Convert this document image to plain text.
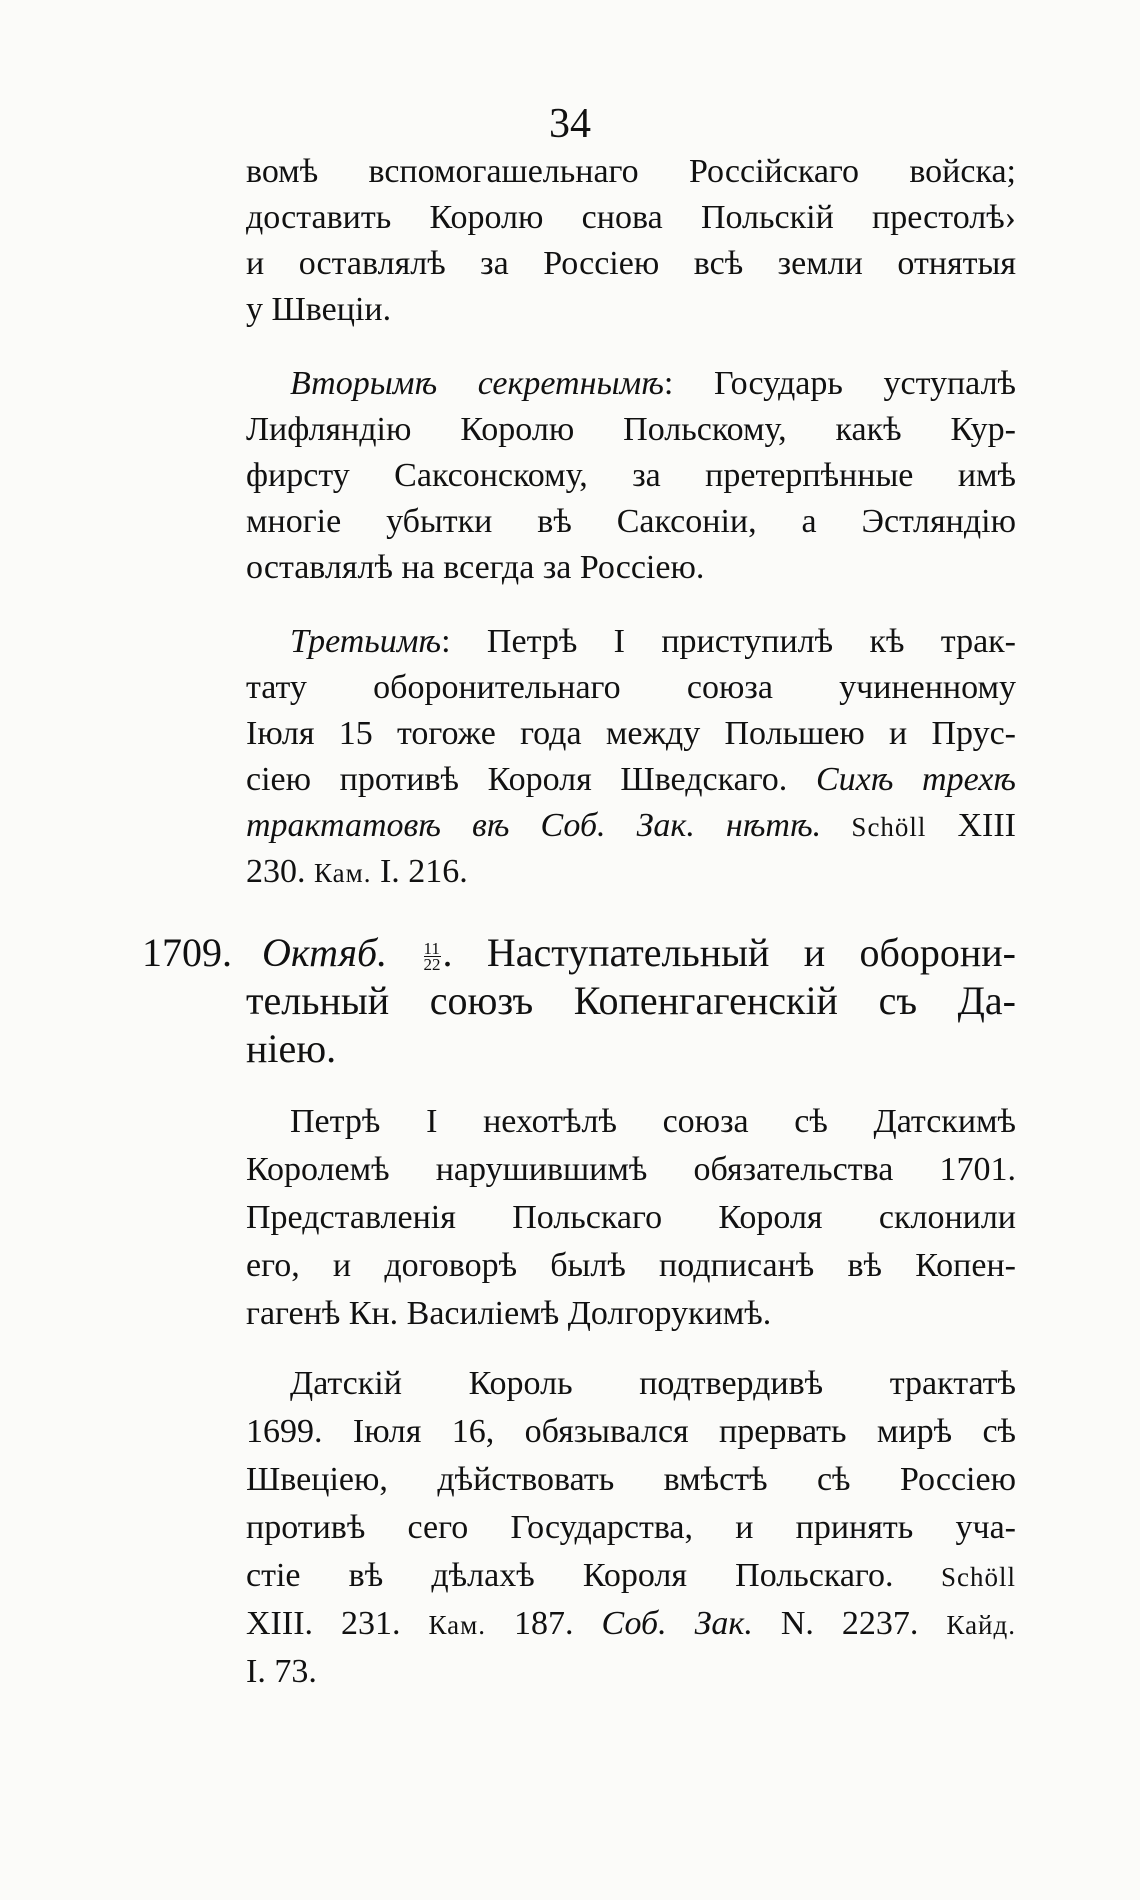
34
вомѣ вспомогашельнаго Россійскаго войска;
доставить Королю снова Польскій престолѣ›
и оставлялѣ за Россіею всѣ земли отнятыя
у Швеціи.
Вторымѣ секретнымѣ: Государь уступалѣ
Лифляндію Королю Польскому, какѣ Кур-
фирсту Саксонскому, за претерпѣнные имѣ
многіе убытки вѣ Саксоніи, а Эстляндію
оставлялѣ на всегда за Россіею.
Третьимѣ: Петрѣ I приступилѣ кѣ трак-
тату оборонительнаго союза учиненному
Іюля 15 тогоже года между Польшею и Прус-
сіею противѣ Короля Шведскаго. Сихѣ трехѣ
трактатовѣ вѣ Соб. Зак. нѣтѣ. Schöll XIII
230. Кам. I. 216.
1709. Октяб. $\frac{11}{22}$ . Наступательный и оборони-
тельный союзъ Копенгагенскій съ Да-
ніею.
Петрѣ I нехотѣлѣ союза сѣ Датскимѣ
Королемѣ нарушившимѣ обязательства 1701.
Представленія Польскаго Короля склонили
его, и договорѣ былѣ подписанѣ вѣ Копен-
гагенѣ Кн. Василіемѣ Долгорукимѣ.
Датскій Король подтвердивѣ трактатѣ
1699. Іюля 16, обязывался прервать мирѣ сѣ
Швеціею, дѣйствовать вмѣстѣ сѣ Россіею
противѣ сего Государства, и принять уча-
стіе вѣ дѣлахѣ Короля Польскаго. Schöll
XIII. 231. Кам. 187. Соб. Зак. N. 2237. Кайд.
I. 73.
